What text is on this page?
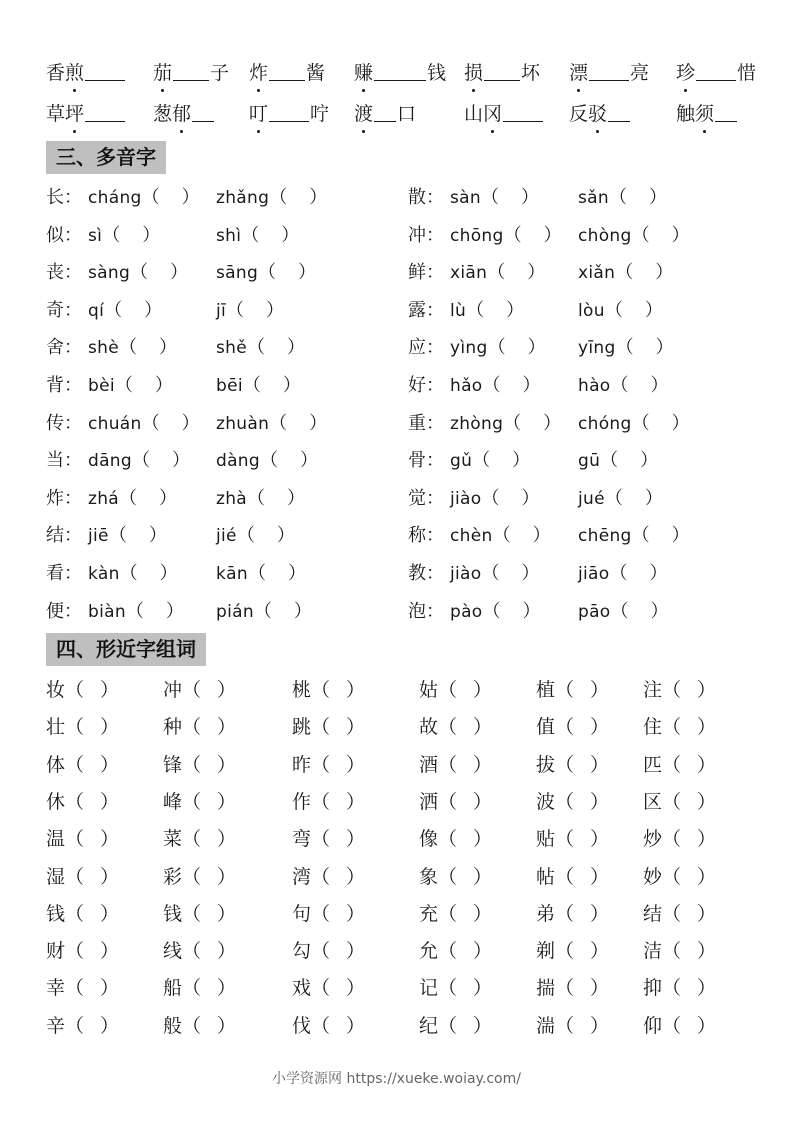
香煎	茄 子 炸 酱 赚	钱 损 坏 漂 亮 珍 惜
草坪	葱郁	叮 咛 渡 口	山冈	反驳	触须
三、多音字
长： cháng（ ） zhǎng（ ）	散： sàn（ ） sǎn（ ）
似： sì（ ）	shì（ ）	冲： chōng（ ） chòng（ ）
丧： sàng（ ） sāng（ ）	鲜： xiān（ ） xiǎn（ ）
奇： qí（ ）	jī（ ）	露： lù（ ）	lòu（ ）
舍： shè（ ） shě（ ）	应： yìng（ ） yīng（ ）
背： bèi（ ）	bēi（ ）	好： hǎo（ ） hào（ ）
传： chuán（ ） zhuàn（ ）	重： zhòng（ ） chóng（ ）
当： dāng（ ） dàng（ ）	骨： gǔ（ ）	gū（ ）
炸： zhá（ ） zhà（ ）	觉： jiào（ ） jué（ ）
结： jiē（ ）	jié（ ）	称： chèn（ ） chēng（ ）
看： kàn（ ） kān（ ）	教： jiào（ ） jiāo（ ）
便： biàn（ ） pián（ ）	泡： pào（ ） pāo（ ）
四、形近字组词
妆（ ） 冲（ ）	桃（ ）	姑（ ） 植（ ） 注（ ）
壮（ ） 种（ ）	跳（ ）	故（ ） 值（ ） 住（ ）
体（ ） 锋（ ）	昨（ ）	酒（ ） 拔（ ） 匹（ ）
休（ ） 峰（ ）	作（ ）	洒（ ） 波（ ） 区（ ）
温（ ） 菜（ ）	弯（ ）	像（ ） 贴（ ） 炒（ ）
湿（ ） 彩（ ）	湾（ ）	象（ ） 帖（ ） 妙（ ）
钱（ ） 钱（ ）	句（ ）	充（ ） 弟（ ） 结（ ）
财（ ） 线（ ）	勾（ ）	允（ ） 剃（ ） 洁（ ）
幸（ ） 船（ ）	戏（ ）	记（ ） 揣（ ） 抑（ ）
辛（ ） 般（ ）	伐（ ）	纪（ ） 湍（ ） 仰（ ）
小学资源网 https://xueke.woiay.com/
